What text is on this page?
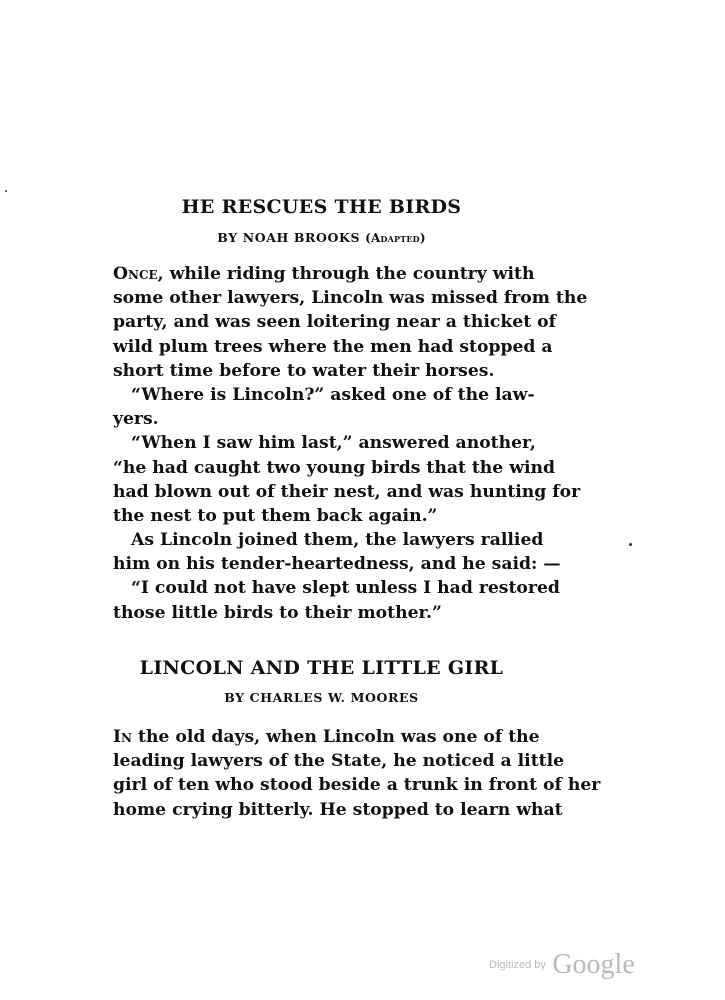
HE RESCUES THE BIRDS
BY NOAH BROOKS (Adapted)
Once, while riding through the country with
some other lawyers, Lincoln was missed from the
party, and was seen loitering near a thicket of
wild plum trees where the men had stopped a
short time before to water their horses.
“Where is Lincoln?” asked one of the law-
yers.
“When I saw him last,” answered another,
“he had caught two young birds that the wind
had blown out of their nest, and was hunting for
the nest to put them back again.”
As Lincoln joined them, the lawyers rallied
him on his tender-heartedness, and he said: —
“I could not have slept unless I had restored
those little birds to their mother.”
LINCOLN AND THE LITTLE GIRL
BY CHARLES W. MOORES
In the old days, when Lincoln was one of the
leading lawyers of the State, he noticed a little
girl of ten who stood beside a trunk in front of her
home crying bitterly. He stopped to learn what
Digitized by Google
